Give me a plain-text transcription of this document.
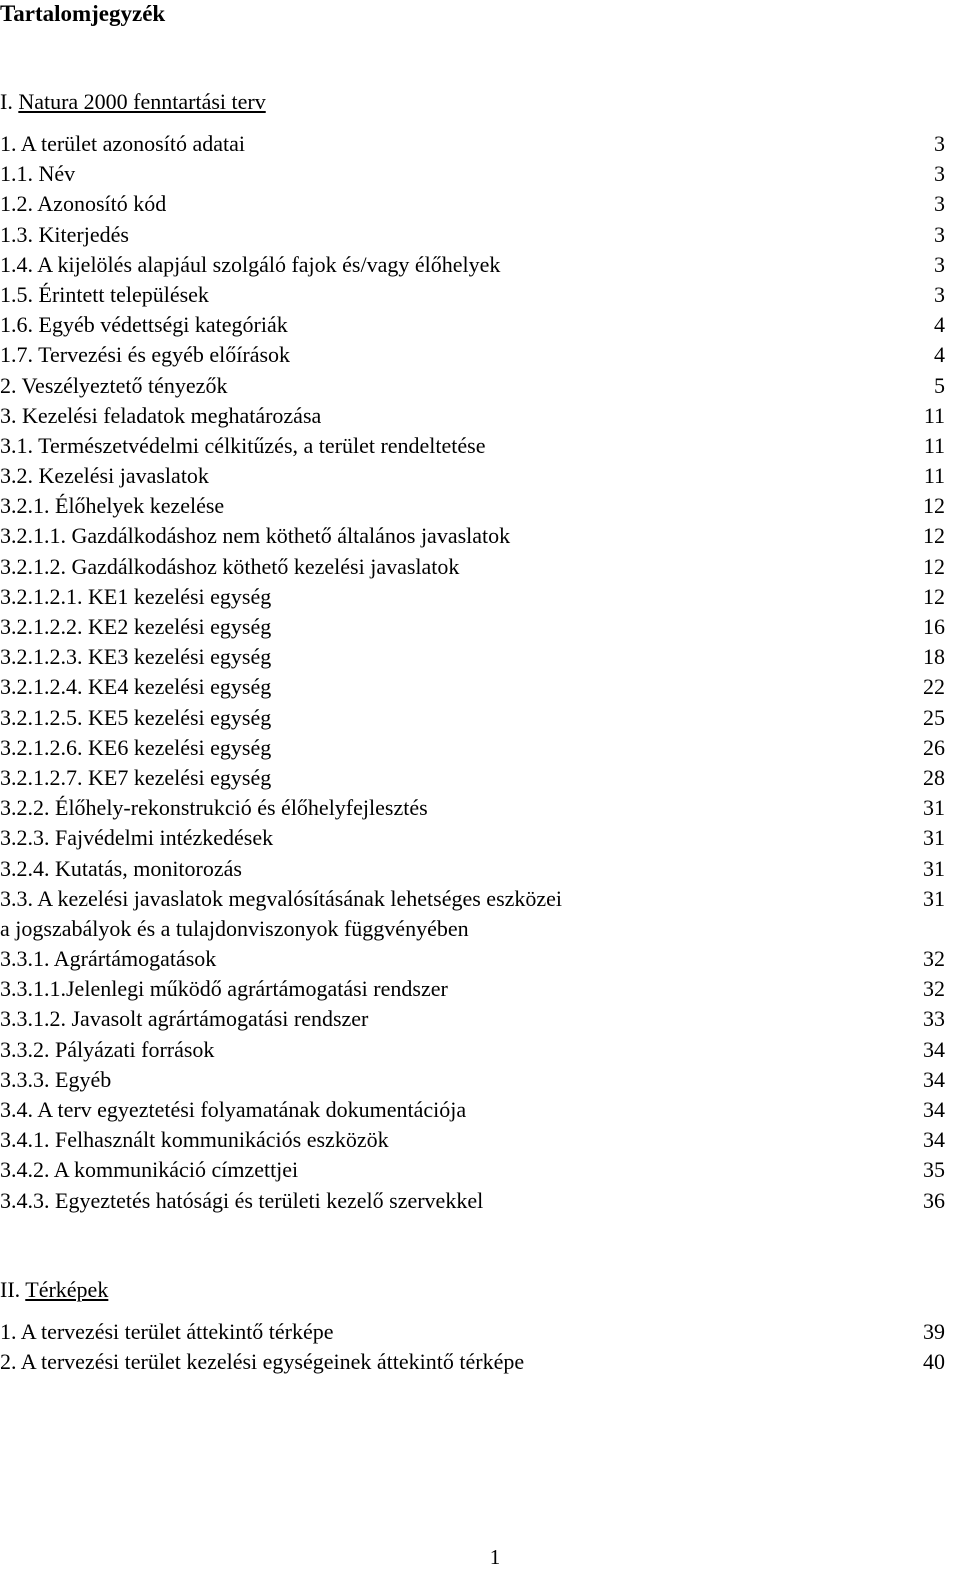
Tartalomjegyzék
I. Natura 2000 fenntartási terv
1. A terület azonosító adatai	3
1.1. Név	3
1.2. Azonosító kód	3
1.3. Kiterjedés	3
1.4. A kijelölés alapjául szolgáló fajok és/vagy élőhelyek	3
1.5. Érintett települések	3
1.6. Egyéb védettségi kategóriák	4
1.7. Tervezési és egyéb előírások	4
2. Veszélyeztető tényezők	5
3. Kezelési feladatok meghatározása	11
3.1. Természetvédelmi célkitűzés, a terület rendeltetése	11
3.2. Kezelési javaslatok	11
3.2.1. Élőhelyek kezelése	12
3.2.1.1. Gazdálkodáshoz nem köthető általános javaslatok	12
3.2.1.2. Gazdálkodáshoz köthető kezelési javaslatok	12
3.2.1.2.1. KE1 kezelési egység	12
3.2.1.2.2. KE2 kezelési egység	16
3.2.1.2.3. KE3 kezelési egység	18
3.2.1.2.4. KE4 kezelési egység	22
3.2.1.2.5. KE5 kezelési egység	25
3.2.1.2.6. KE6 kezelési egység	26
3.2.1.2.7. KE7 kezelési egység	28
3.2.2. Élőhely-rekonstrukció és élőhelyfejlesztés	31
3.2.3. Fajvédelmi intézkedések	31
3.2.4. Kutatás, monitorozás	31
3.3. A kezelési javaslatok megvalósításának lehetséges eszközei	31
a jogszabályok és a tulajdonviszonyok függvényében
3.3.1. Agrártámogatások	32
3.3.1.1.Jelenlegi működő agrártámogatási rendszer	32
3.3.1.2. Javasolt agrártámogatási rendszer	33
3.3.2. Pályázati források	34
3.3.3. Egyéb	34
3.4. A terv egyeztetési folyamatának dokumentációja	34
3.4.1. Felhasznált kommunikációs eszközök	34
3.4.2. A kommunikáció címzettjei	35
3.4.3. Egyeztetés hatósági és területi kezelő szervekkel	36
II. Térképek
1. A tervezési terület áttekintő térképe	39
2. A tervezési terület kezelési egységeinek áttekintő térképe	40
1
